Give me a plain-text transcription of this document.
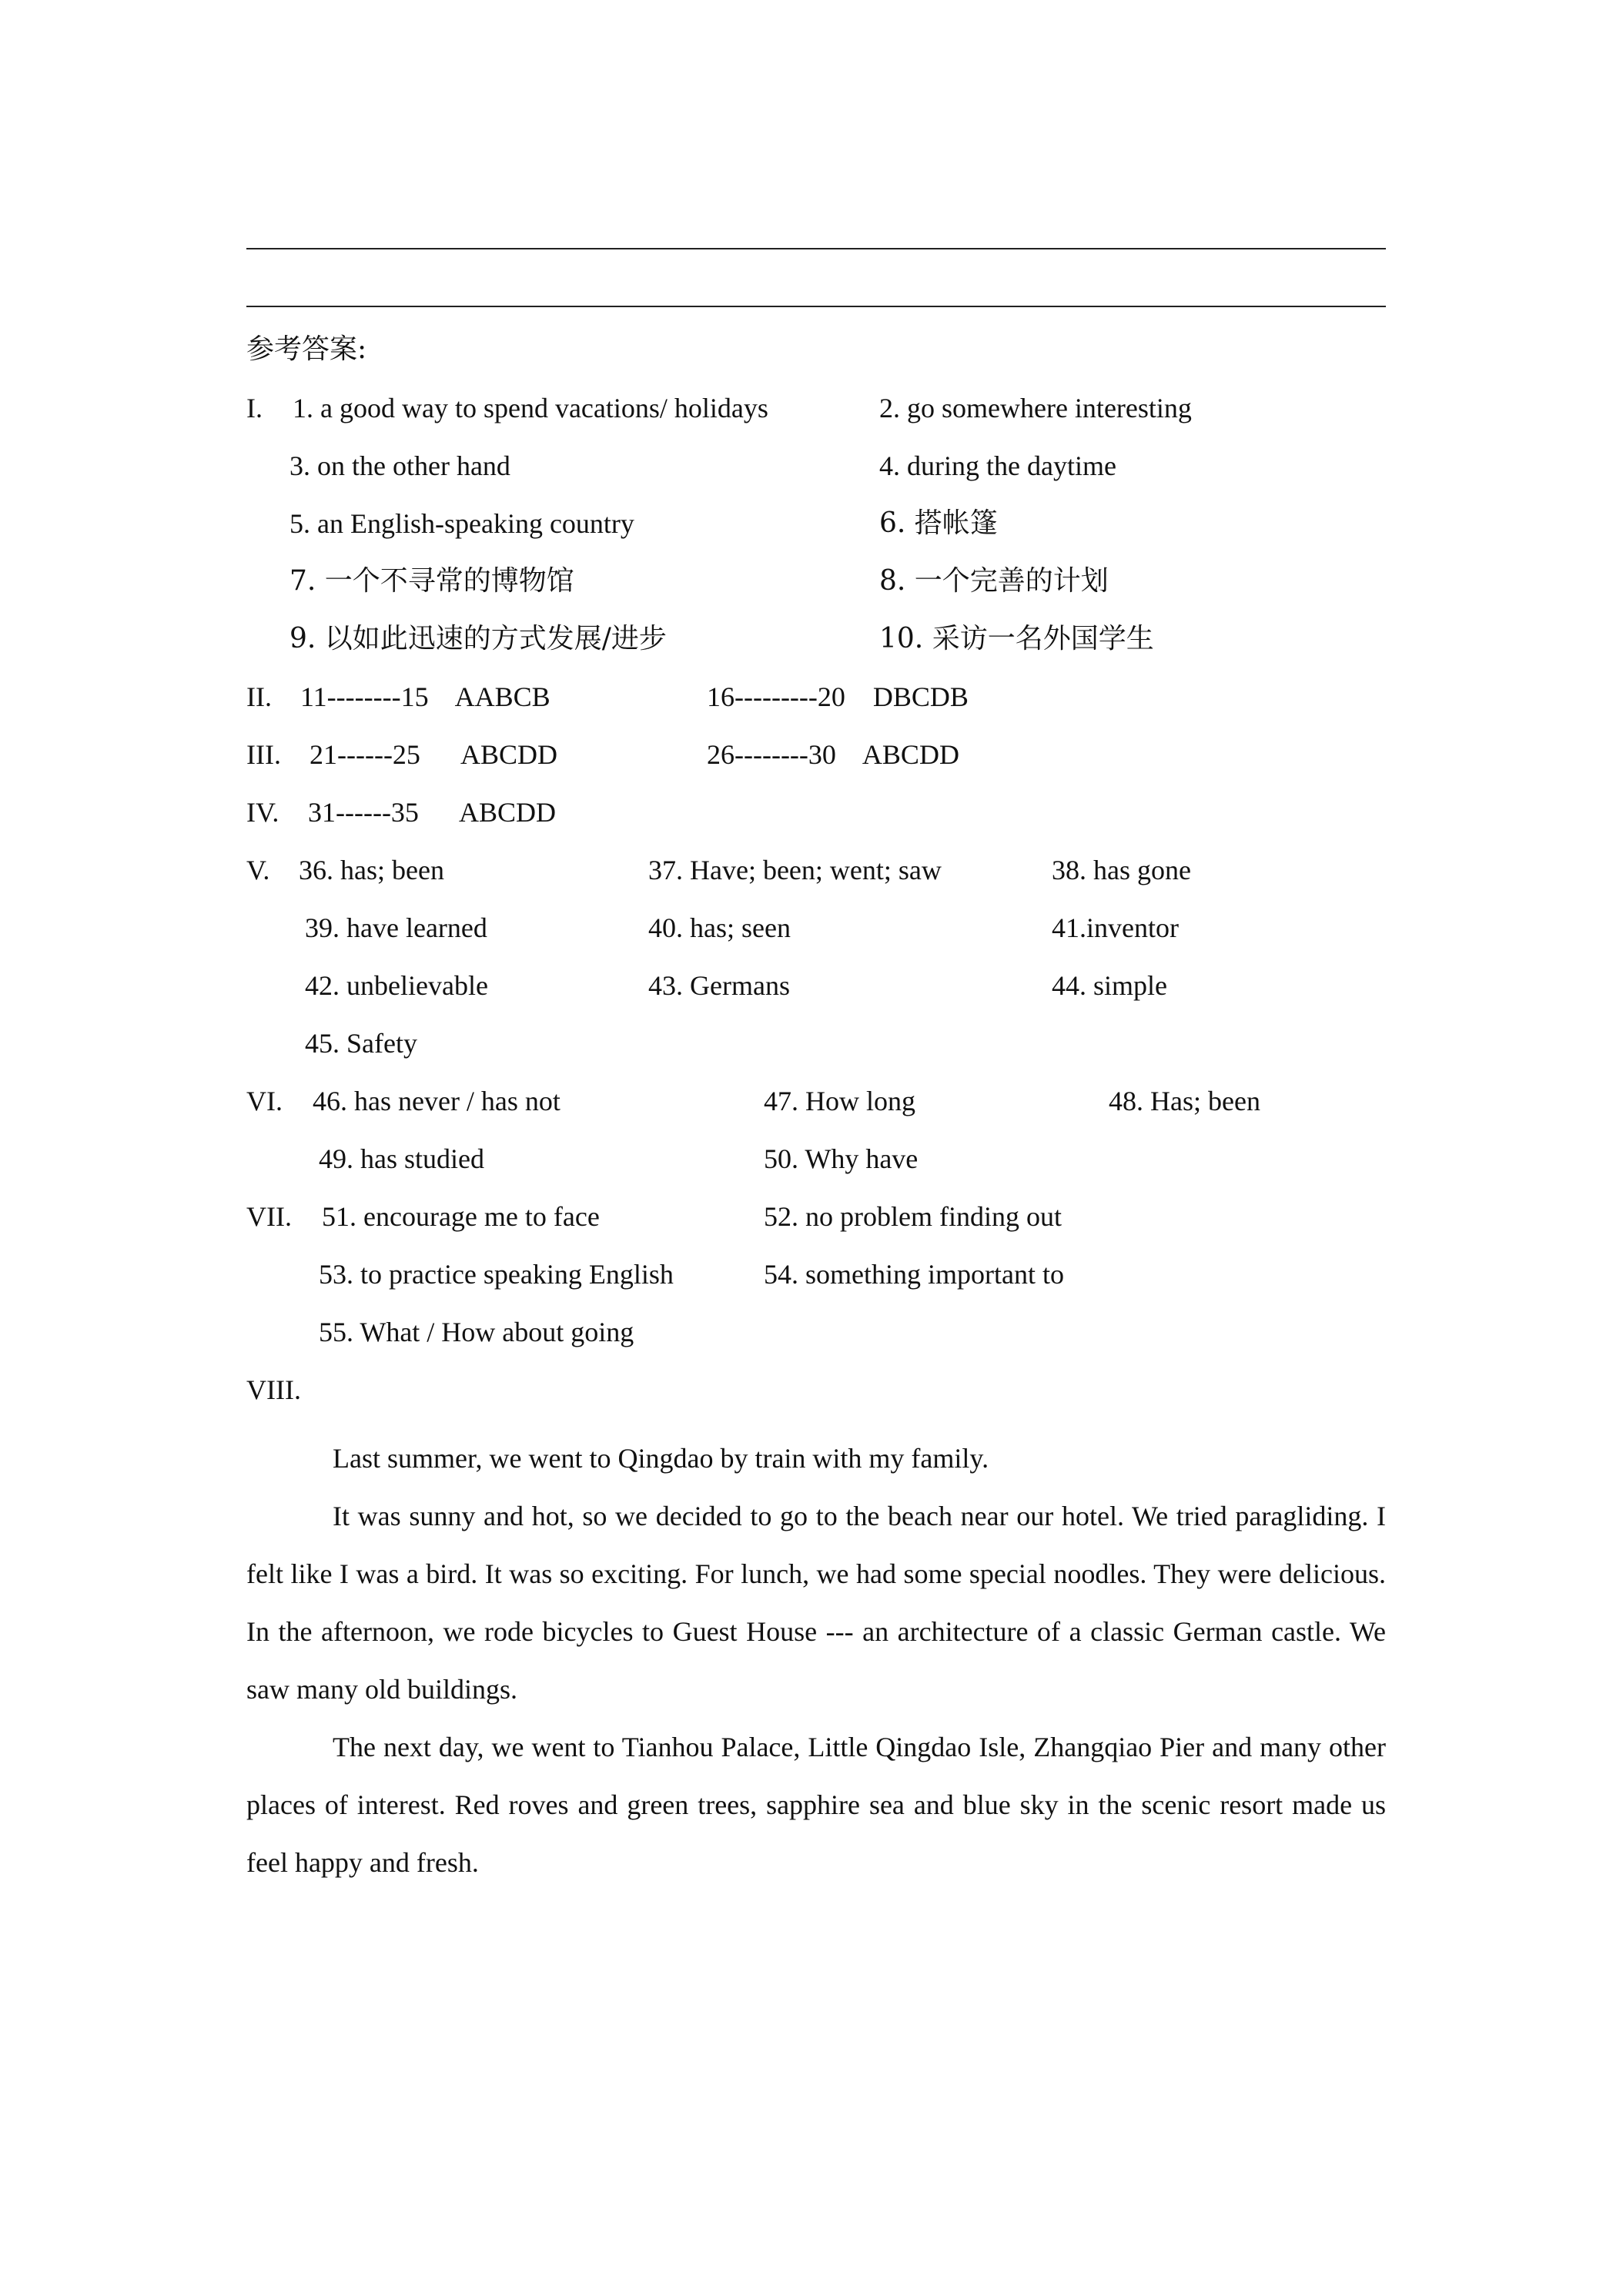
参考答案:
I. 1. a good way to spend vacations/ holidays	2. go somewhere interesting
3. on the other hand	4. during the daytime
5. an English-speaking country	6. 搭帐篷
7. 一个不寻常的博物馆	8. 一个完善的计划
9. 以如此迅速的方式发展/进步	10. 采访一名外国学生
II. 11--------15    AABCB	16---------20    DBCDB
III. 21------25      ABCDD	26--------30    ABCDD
IV. 31------35      ABCDD
V. 36. has; been	37. Have; been; went; saw	38. has gone
39. have learned	40. has; seen	41.inventor
42. unbelievable	43. Germans	44. simple
45. Safety
VI. 46. has never / has not	47. How long	48. Has; been
49. has studied	50. Why have
VII. 51. encourage me to face	52. no problem finding out
53. to practice speaking English	54. something important to
55. What / How about going
VIII.

Last summer, we went to Qingdao by train with my family.

It was sunny and hot, so we decided to go to the beach near our hotel. We tried paragliding. I felt like I was a bird. It was so exciting. For lunch, we had some special noodles. They were delicious. In the afternoon, we rode bicycles to Guest House --- an architecture of a classic German castle. We saw many old buildings.

The next day, we went to Tianhou Palace, Little Qingdao Isle, Zhangqiao Pier and many other places of interest. Red roves and green trees, sapphire sea and blue sky in the scenic resort made us feel happy and fresh.
